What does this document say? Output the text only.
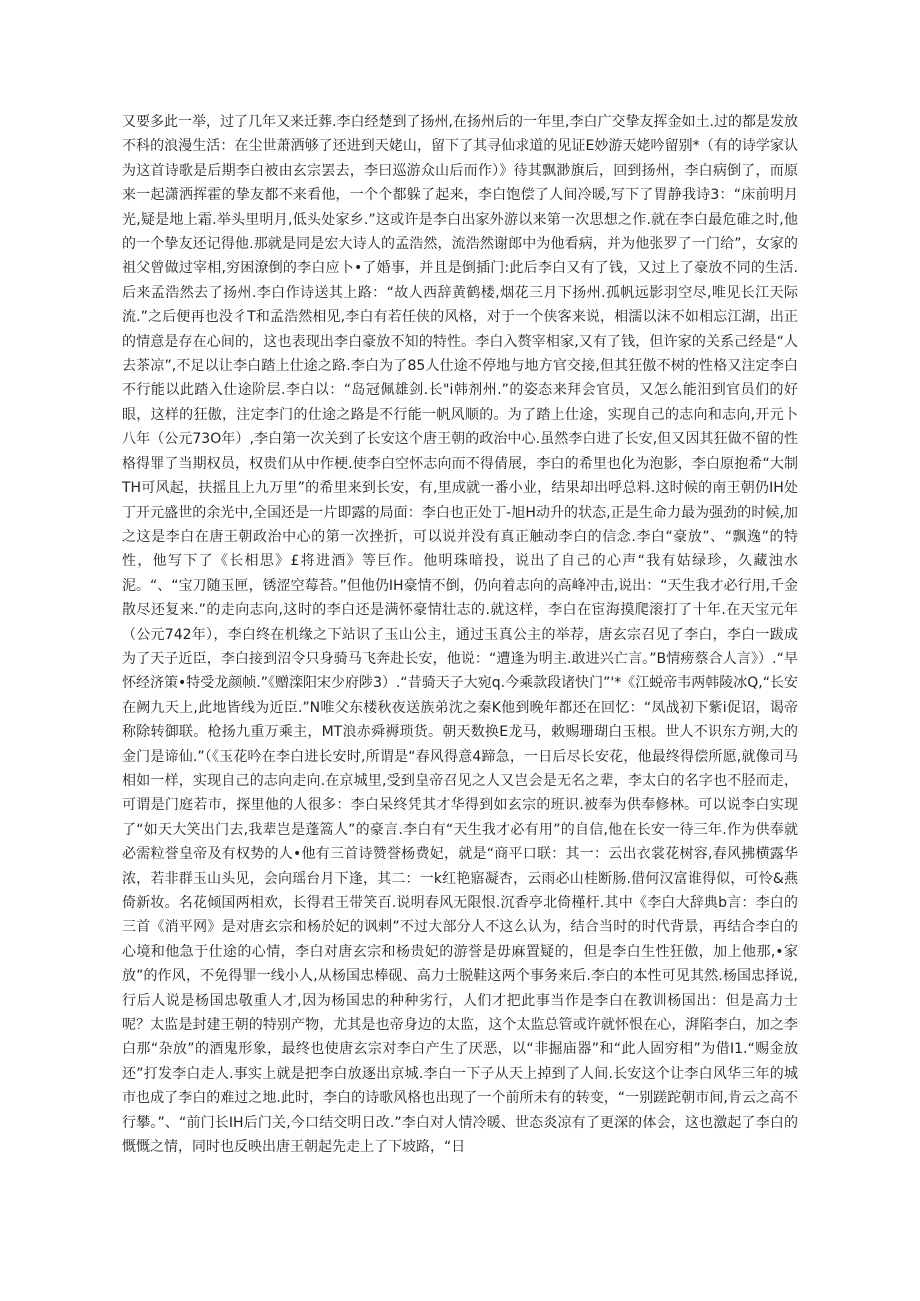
又要多此一举，过了几年又来迁葬.李白经楚到了扬州,在扬州后的一年里,李白广交挚友挥金如土.过的都是发放不科的浪漫生活：在尘世萧洒够了还进到天姥山，留下了其寻仙求道的见证E妙游天姥吟留别*（有的诗学家认为这首诗歌是后期李白被由玄宗罢去，李曰巡游众山后而作）》待其飘渺旗后，回到扬州，李白病倒了，而原来一起潇洒挥霍的挚友都不来看他，一个个都躲了起来，李白饱偿了人间冷暖,写下了胃静我诗3：“床前明月光,疑是地上霜.举头里明月,低头处家乡.”这或许是李白出家外游以来第一次思想之作.就在李白最危碓之时,他的一个挚友还记得他.那就是同是宏大诗人的孟浩然，流浩然谢郎中为他看病，并为他张罗了一门给”，女家的祖父曾做过宰相,穷困潦倒的李白应卜•了婚事，并且是倒插门:此后李白又有了钱，又过上了豪放不同的生活.后来孟浩然去了扬州.李白作诗送其上路：“故人西辞黄鹤楼,烟花三月下扬州.孤帆远影羽空尽,唯见长江天际流.”之后便再也没彳T和孟浩然相见,李白有若任侠的风格，对于一个侠客来说，相濡以沫不如相忘江湖，出正的情意是存在心间的，这也表现出李白豪放不知的特性。李白入赘宰相家,又有了钱，但许家的关系己经是“人去茶凉”,不足以让李白踏上仕途之路.李白为了85人仕途不停地与地方官交接,但其狂傲不树的性格又注定李白不行能以此踏入仕途阶层.李白以：“岛冠佩雄剑.长"i韩剂州.”的姿态来拜会官员，又怎么能汨到官员们的好眼，这样的狂傲，注定李门的仕途之路是不行能一帆风顺的。为了踏上仕途，实现自己的志向和志向,开元卜八年（公元73O年）,李白第一次关到了长安这个唐王朝的政治中心.虽然李白进了长安,但又因其狂做不留的性格得罪了当期权员，权贵们从中作梗.使李白空怀志向而不得倩展，李白的希里也化为泡影，李白原抱希“大制TH可风起，扶摇且上九万里”的希里来到长安，有,里成就一番小业，结果却出呼总料.这时候的南王朝仍IH处丁开元盛世的余光中,全国还是一片即露的局面：李白也正处丁-旭H动升的状态,正是生命力最为强劲的时候,加之这是李白在唐王朝政治中心的第一次挫折，可以说并没有真正触动李白的信念.李白“豪放”、“飘逸”的特性，他写下了《长相思》£将进酒》等巨作。他明珠暗投，说出了自己的心声“我有姑绿珍，久藏浊水泥。“、“宝刀随玉匣，锈涩空莓苔。”但他仍IH豪情不倒，仍向着志向的高峰冲击,说出：“天生我才必行用,千金散尽还复来.”的走向志向,这时的李白还是满怀豪情壮志的.就这样，李白在宦海摸爬滚打了十年.在天宝元年（公元742年），李白终在机缘之下站识了玉山公主，通过玉真公主的举荐，唐玄宗召见了李白，李白一跋成为了天子近臣，李白接到沼令只身骑马飞奔赴长安，他说：“遭逢为明主.敢进兴亡言。”B情痨蔡合人言》）.“早怀经济策•特受龙颜帧.”《赠滦阳宋少府陟3）.“昔骑天子大宛q.今乘款段诸快门”'*《江蜕帝韦两韩陵冰Q,“长安在阙九天上,此地皆线为近臣.”N唯父东楼秋夜送族弟沈之秦K他到晚年都还在回忆：“凤战初下紫i促诏，谒帝称除转御联。枪扬九重万乘主，MT浪赤舜褥琐货。朝天数换E龙马，敕赐珊瑚白玉根。世人不识东方朔,大的金门是谛仙.”（《玉花吟在李白进长安时,所谓是“春风得意4蹄急，一日后尽长安花，他最终得偿所愿,就像司马相如一样，实现自己的志向走向.在京城里,受到皇帝召见之人又岂会是无名之辈，李太白的名字也不胫而走，可谓是门庭若市，探里他的人很多：李白呆终凭其才华得到如玄宗的班识.被奉为供奉修林。可以说李白实现了“如天大笑出门去,我辈岂是蓬篙人”的豪言.李白有“天生我才必有用”的自信,他在长安一待三年.作为供奉就必需粒誉皇帝及有权势的人•他有三首诗赞誉杨费妃，就是“商平口联：其一：云出衣裳花树容,春风拂横露华浓，若非群玉山头见，会向瑶台月下逢，其二：一k红艳寤凝杏，云雨必山桂断肠.借何汉富谁得似，可怜&燕倚新妆。名花倾国两相欢，长得君王带笑百.说明春风无限恨.沉香亭北倚槿杆.其中《李白大辞典b言：李白的三首《消平网》是对唐玄宗和杨於妃的讽剌”不过大部分人不这么认为，结合当时的时代背景，再结合李白的心境和他急于仕途的心情，李白对唐玄宗和杨贵妃的游誉是毋麻置疑的，但是李白生性狂傲，加上他那,•家放”的作风，不免得罪一线小人,从杨国忠棒砚、高力士脱鞋这两个事务来后.李白的本性可见其然.杨国忠择说,行后人说是杨国忠敬重人才,因为杨国忠的种种劣行，人们才把此事当作是李白在教训杨国出：但是高力士呢？太监是封建王朝的特别产物，尤其是也帝身边的太监，这个太监总管或许就怀恨在心，湃陷李白，加之李白那“杂放”的酒鬼形象，最终也使唐玄宗对李白产生了厌恶，以“非掘庙器”和“此人固穷相”为借I1.“赐金放还”打发李白走人.事实上就是把李白放逐出京城.李白一下子从天上掉到了人间.长安这个让李白风华三年的城市也成了李白的难过之地.此时，李白的诗歌风格也出现了一个前所未有的转变，“一别蹉跎朝市间,肯云之高不行攀。”、“前门长IH后门关,今口结交明日改.”李白对人情冷暖、世态炎凉有了更深的体会，这也激起了李白的慨慨之情，同时也反映出唐王朝起先走上了下坡路，“日
